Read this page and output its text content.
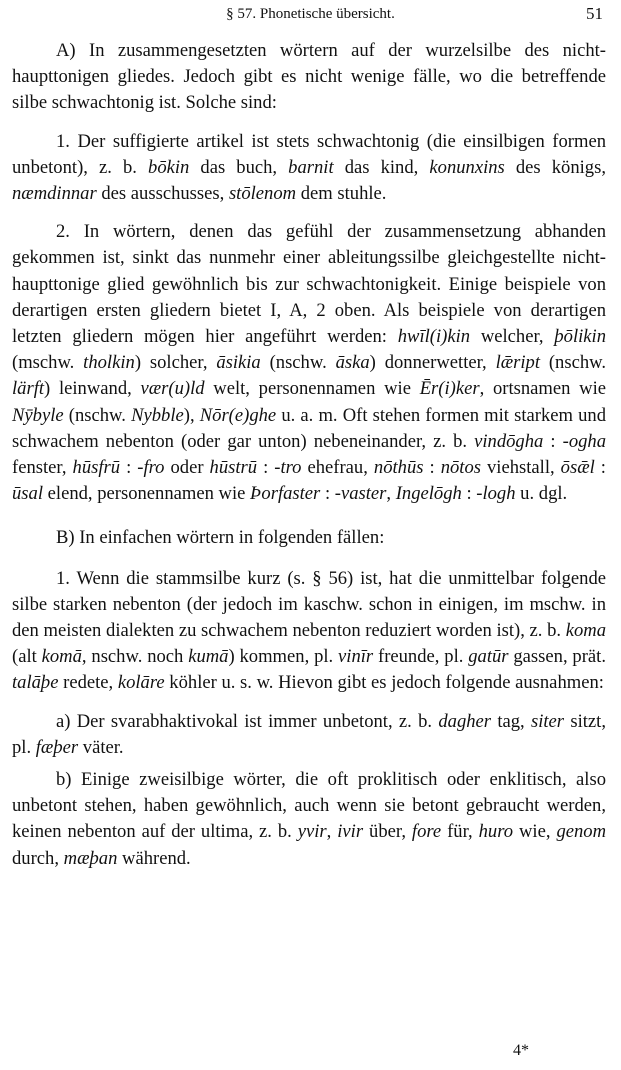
§ 57. Phonetische übersicht.	51

A) In zusammengesetzten wörtern auf der wurzelsilbe des nicht-haupttonigen gliedes. Jedoch gibt es nicht wenige fälle, wo die betreffende silbe schwachtonig ist. Solche sind:

1. Der suffigierte artikel ist stets schwachtonig (die einsilbigen formen unbetont), z. b. bōkin das buch, barnit das kind, konunxins des königs, næmdinnar des ausschusses, stōlenom dem stuhle.

2. In wörtern, denen das gefühl der zusammensetzung abhanden gekommen ist, sinkt das nunmehr einer ableitungssilbe gleichgestellte nicht-haupttonige glied gewöhnlich bis zur schwachtonigkeit. Einige beispiele von derartigen ersten gliedern bietet I, A, 2 oben. Als beispiele von derartigen letzten gliedern mögen hier angeführt werden: hwīl(i)kin welcher, þōlikin (mschw. tholkin) solcher, āsikia (nschw. āska) donnerwetter, lǣript (nschw. lärft) leinwand, vær(u)ld welt, personennamen wie Ēr(i)ker, ortsnamen wie Nȳbyle (nschw. Nybble), Nōr(e)ghe u. a. m. Oft stehen formen mit starkem und schwachem nebenton (oder gar unton) nebeneinander, z. b. vindōgha : -ogha fenster, hūsfrū : -fro oder hūstrū : -tro ehefrau, nōthūs : nōtos viehstall, ōsǣl : ūsal elend, personennamen wie Þorfaster : -vaster, Ingelōgh : -logh u. dgl.

B) In einfachen wörtern in folgenden fällen:

1. Wenn die stammsilbe kurz (s. § 56) ist, hat die unmittelbar folgende silbe starken nebenton (der jedoch im kaschw. schon in einigen, im mschw. in den meisten dialekten zu schwachem nebenton reduziert worden ist), z. b. koma (alt komā, nschw. noch kumā) kommen, pl. vinīr freunde, pl. gatūr gassen, prät. talāþe redete, kolāre köhler u. s. w. Hievon gibt es jedoch folgende ausnahmen:

a) Der svarabhaktivokal ist immer unbetont, z. b. dagher tag, siter sitzt, pl. fæþer väter.

b) Einige zweisilbige wörter, die oft proklitisch oder enklitisch, also unbetont stehen, haben gewöhnlich, auch wenn sie betont gebraucht werden, keinen nebenton auf der ultima, z. b. yvir, ivir über, fore für, huro wie, genom durch, mæþan während.

4*
